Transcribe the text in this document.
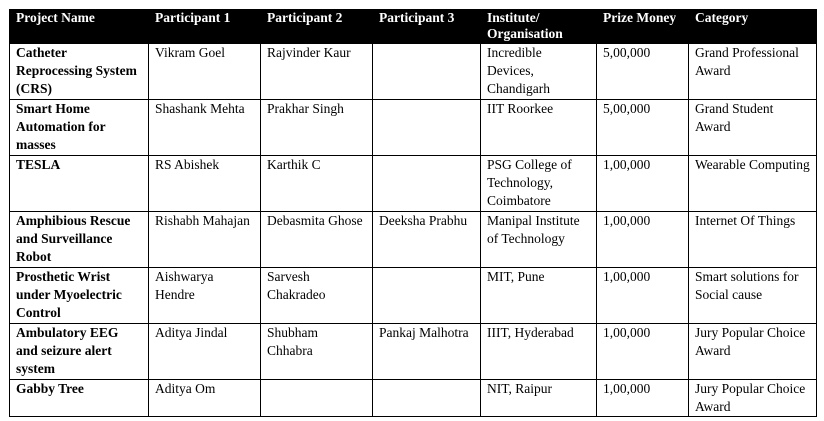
Project Name	Participant 1	Participant 2	Participant 3	Institute/ Organisation	Prize Money	Category

Catheter Reprocessing System (CRS)	Vikram Goel	Rajvinder Kaur		Incredible Devices, Chandigarh	5,00,000	Grand Professional Award

Smart Home Automation for masses	Shashank Mehta	Prakhar Singh		IIT Roorkee	5,00,000	Grand Student Award

TESLA	RS Abishek	Karthik C		PSG College of Technology, Coimbatore	1,00,000	Wearable Computing

Amphibious Rescue and Surveillance Robot	Rishabh Mahajan	Debasmita Ghose	Deeksha Prabhu	Manipal Institute of Technology	1,00,000	Internet Of Things

Prosthetic Wrist under Myoelectric Control	Aishwarya Hendre	Sarvesh Chakradeo		MIT, Pune	1,00,000	Smart solutions for Social cause

Ambulatory EEG and seizure alert system	Aditya Jindal	Shubham Chhabra	Pankaj Malhotra	IIIT, Hyderabad	1,00,000	Jury Popular Choice Award

Gabby Tree	Aditya Om			NIT, Raipur	1,00,000	Jury Popular Choice Award
